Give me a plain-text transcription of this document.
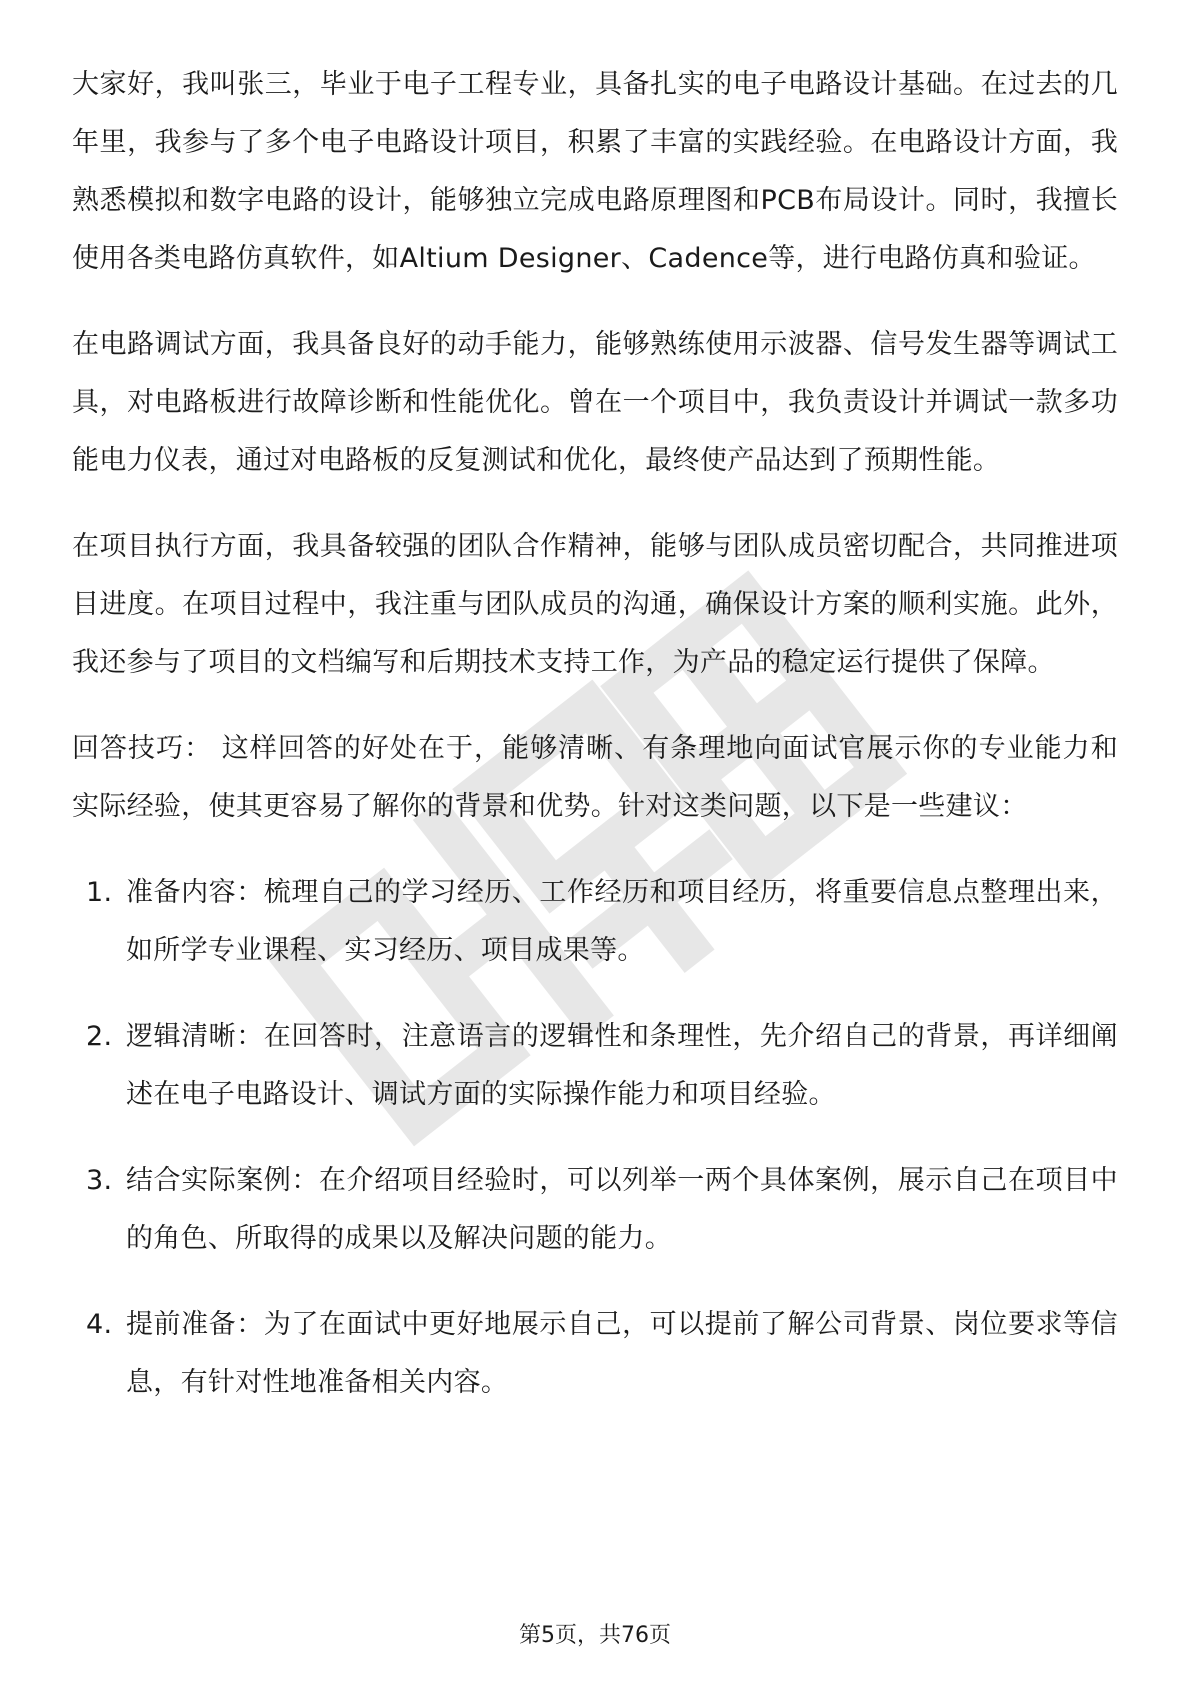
大家好，我叫张三，毕业于电子工程专业，具备扎实的电子电路设计基础。在过去的几年里，我参与了多个电子电路设计项目，积累了丰富的实践经验。在电路设计方面，我熟悉模拟和数字电路的设计，能够独立完成电路原理图和PCB布局设计。同时，我擅长使用各类电路仿真软件，如Altium Designer、Cadence等，进行电路仿真和验证。

在电路调试方面，我具备良好的动手能力，能够熟练使用示波器、信号发生器等调试工具，对电路板进行故障诊断和性能优化。曾在一个项目中，我负责设计并调试一款多功能电力仪表，通过对电路板的反复测试和优化，最终使产品达到了预期性能。

在项目执行方面，我具备较强的团队合作精神，能够与团队成员密切配合，共同推进项目进度。在项目过程中，我注重与团队成员的沟通，确保设计方案的顺利实施。此外，我还参与了项目的文档编写和后期技术支持工作，为产品的稳定运行提供了保障。

回答技巧： 这样回答的好处在于，能够清晰、有条理地向面试官展示你的专业能力和实际经验，使其更容易了解你的背景和优势。针对这类问题，以下是一些建议：

1. 准备内容：梳理自己的学习经历、工作经历和项目经历，将重要信息点整理出来，如所学专业课程、实习经历、项目成果等。
2. 逻辑清晰：在回答时，注意语言的逻辑性和条理性，先介绍自己的背景，再详细阐述在电子电路设计、调试方面的实际操作能力和项目经验。
3. 结合实际案例：在介绍项目经验时，可以列举一两个具体案例，展示自己在项目中的角色、所取得的成果以及解决问题的能力。
4. 提前准备：为了在面试中更好地展示自己，可以提前了解公司背景、岗位要求等信息，有针对性地准备相关内容。
第5页，共76页
